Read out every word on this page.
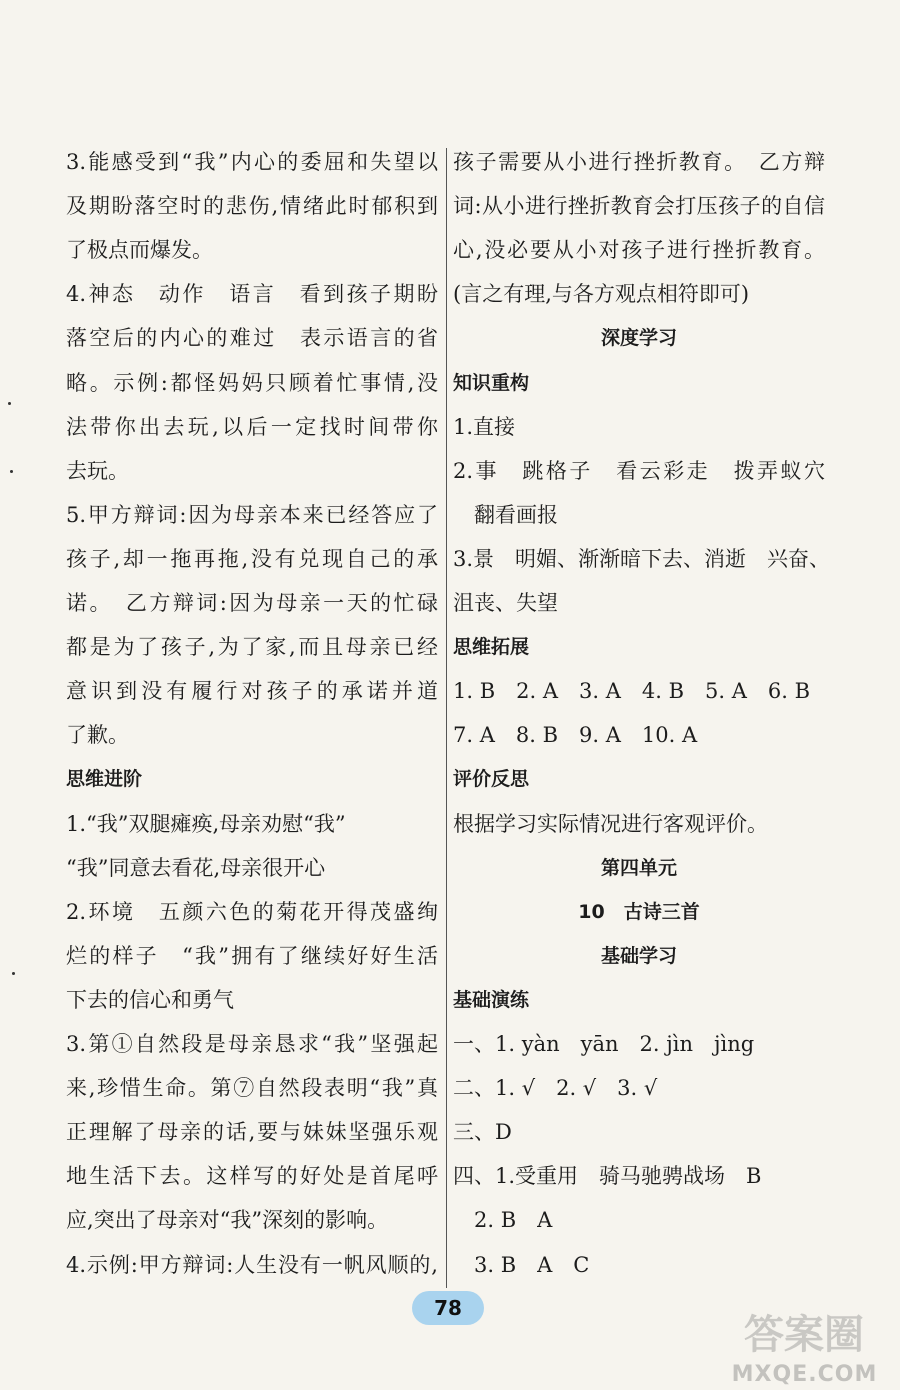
3.能感受到“我”内心的委屈和失望以
及期盼落空时的悲伤,情绪此时郁积到
了极点而爆发。
4.神态　动作　语言　看到孩子期盼
落空后的内心的难过　表示语言的省
略。示例:都怪妈妈只顾着忙事情,没
法带你出去玩,以后一定找时间带你
去玩。
5.甲方辩词:因为母亲本来已经答应了
孩子,却一拖再拖,没有兑现自己的承
诺。　乙方辩词:因为母亲一天的忙碌
都是为了孩子,为了家,而且母亲已经
意识到没有履行对孩子的承诺并道
了歉。
思维进阶
1.“我”双腿瘫痪,母亲劝慰“我”
“我”同意去看花,母亲很开心
2.环境　五颜六色的菊花开得茂盛绚
烂的样子　“我”拥有了继续好好生活
下去的信心和勇气
3.第①自然段是母亲恳求“我”坚强起
来,珍惜生命。第⑦自然段表明“我”真
正理解了母亲的话,要与妹妹坚强乐观
地生活下去。这样写的好处是首尾呼
应,突出了母亲对“我”深刻的影响。
4.示例:甲方辩词:人生没有一帆风顺的,
孩子需要从小进行挫折教育。　乙方辩
词:从小进行挫折教育会打压孩子的自信
心,没必要从小对孩子进行挫折教育。
(言之有理,与各方观点相符即可)
深度学习
知识重构
1.直接
2.事　跳格子　看云彩走　拨弄蚁穴
　翻看画报
3.景　明媚、渐渐暗下去、消逝　兴奋、
沮丧、失望
思维拓展
1. B　2. A　3. A　4. B　5. A　6. B
7. A　8. B　9. A　10. A
评价反思
根据学习实际情况进行客观评价。
第四单元
10　古诗三首
基础学习
基础演练
一、1. yàn　yān　2. jìn　jìng
二、1. √　2. √　3. √
三、D
四、1.受重用　骑马驰骋战场　B
　2. B　A
　3. B　A　C
78
答案圈
MXQE.COM
